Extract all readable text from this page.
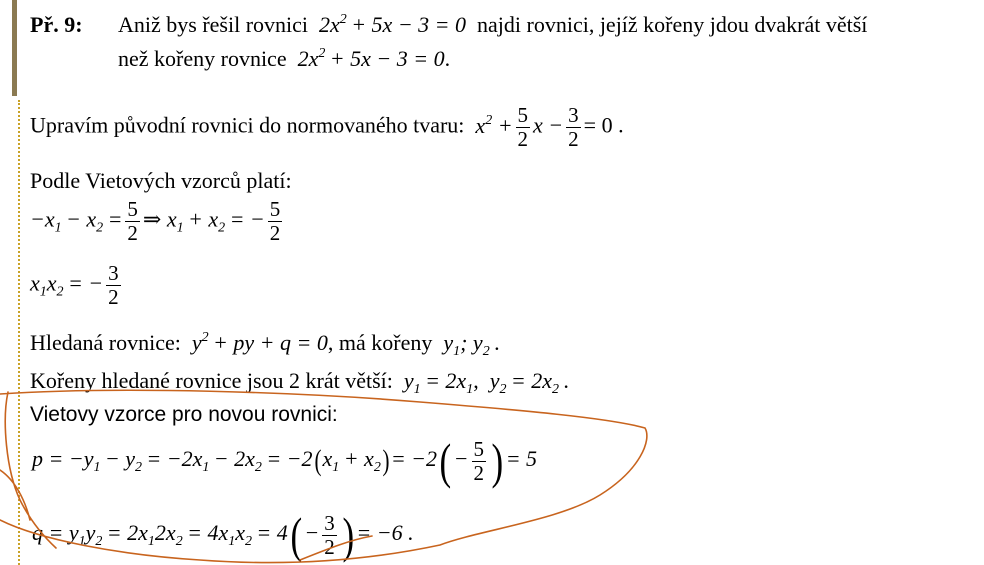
Př. 9: Aniž bys řešil rovnici $2x^2 + 5x - 3 = 0$ najdi rovnici, jejíž kořeny jdou dvakrát větší
než kořeny rovnice $2x^2 + 5x - 3 = 0$.
Upravím původní rovnici do normovaného tvaru: $x^2 + \frac{5}{2}$ $x - \frac{3}{2} = 0$ .
Podle Vietových vzorců platí:
$-x_1 - x_2 = \frac{5}{2}$ ⇒ $x_1 + x_2$  = − $\frac{5}{2}$
$x_1x_2$  = − $\frac{3}{2}$
Hledaná rovnice: $y^2$  + py + q = 0, má kořeny $y_1$; $y_2$  .
Kořeny hledané rovnice jsou 2 krát větší: $y_1 = 2x_1$, $y_2 = 2x_2$  .
Vietovy vzorce pro novou rovnici:
$p = -y_1 - y_2 = -2x_1 - 2x_2 = -2(x_1 + x_2)= -2( - \frac{5}{2}$ ) = 5
$q = y_1y_2 = 2x_12x_2 = 4x_1x_2 = 4( - \frac{3}{2}$ ) = −6 .
